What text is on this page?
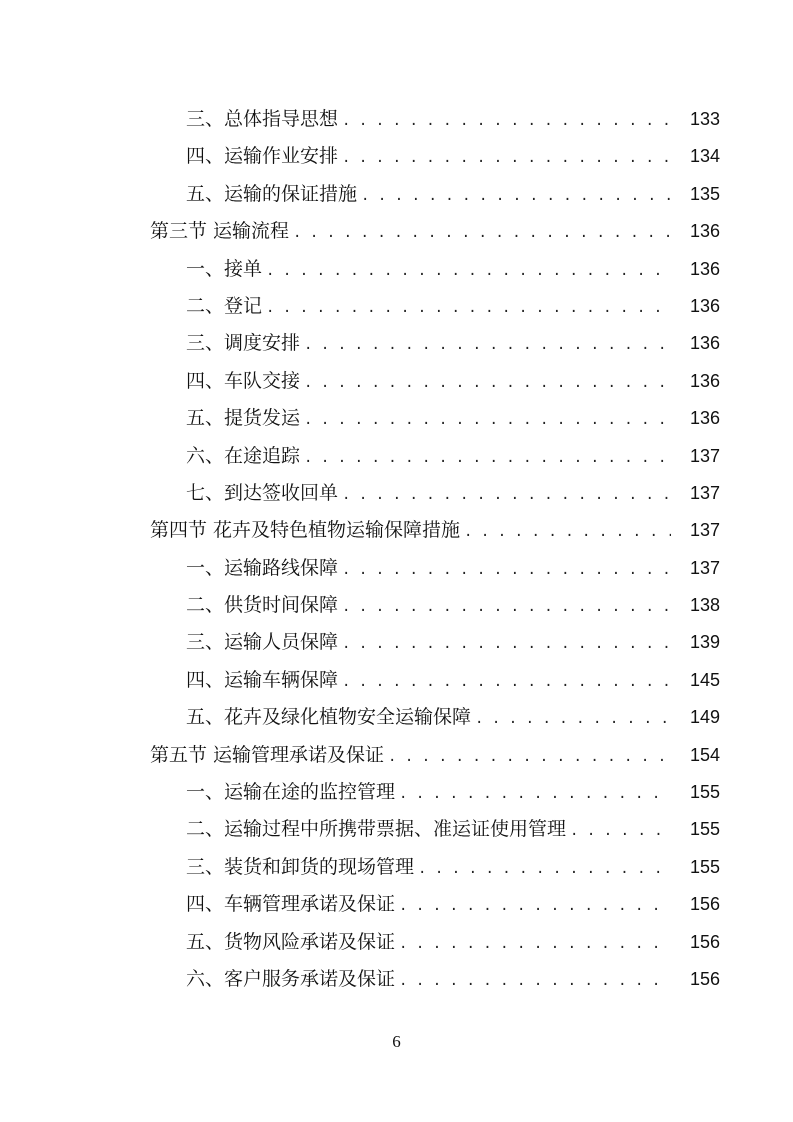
三、总体指导思想 . . .	133
四、运输作业安排 . . .	134
五、运输的保证措施 . . .	135
第三节 运输流程 . . .	136
一、接单 . . .	136
二、登记 . . .	136
三、调度安排 . . .	136
四、车队交接 . . .	136
五、提货发运 . . .	136
六、在途追踪 . . .	137
七、到达签收回单 . . .	137
第四节 花卉及特色植物运输保障措施 . . .	137
一、运输路线保障 . . .	137
二、供货时间保障 . . .	138
三、运输人员保障 . . .	139
四、运输车辆保障 . . .	145
五、花卉及绿化植物安全运输保障 . . .	149
第五节 运输管理承诺及保证 . . .	154
一、运输在途的监控管理 . . .	155
二、运输过程中所携带票据、准运证使用管理 . . .	155
三、装货和卸货的现场管理 . . .	155
四、车辆管理承诺及保证 . . .	156
五、货物风险承诺及保证 . . .	156
六、客户服务承诺及保证 . . .	156
6
